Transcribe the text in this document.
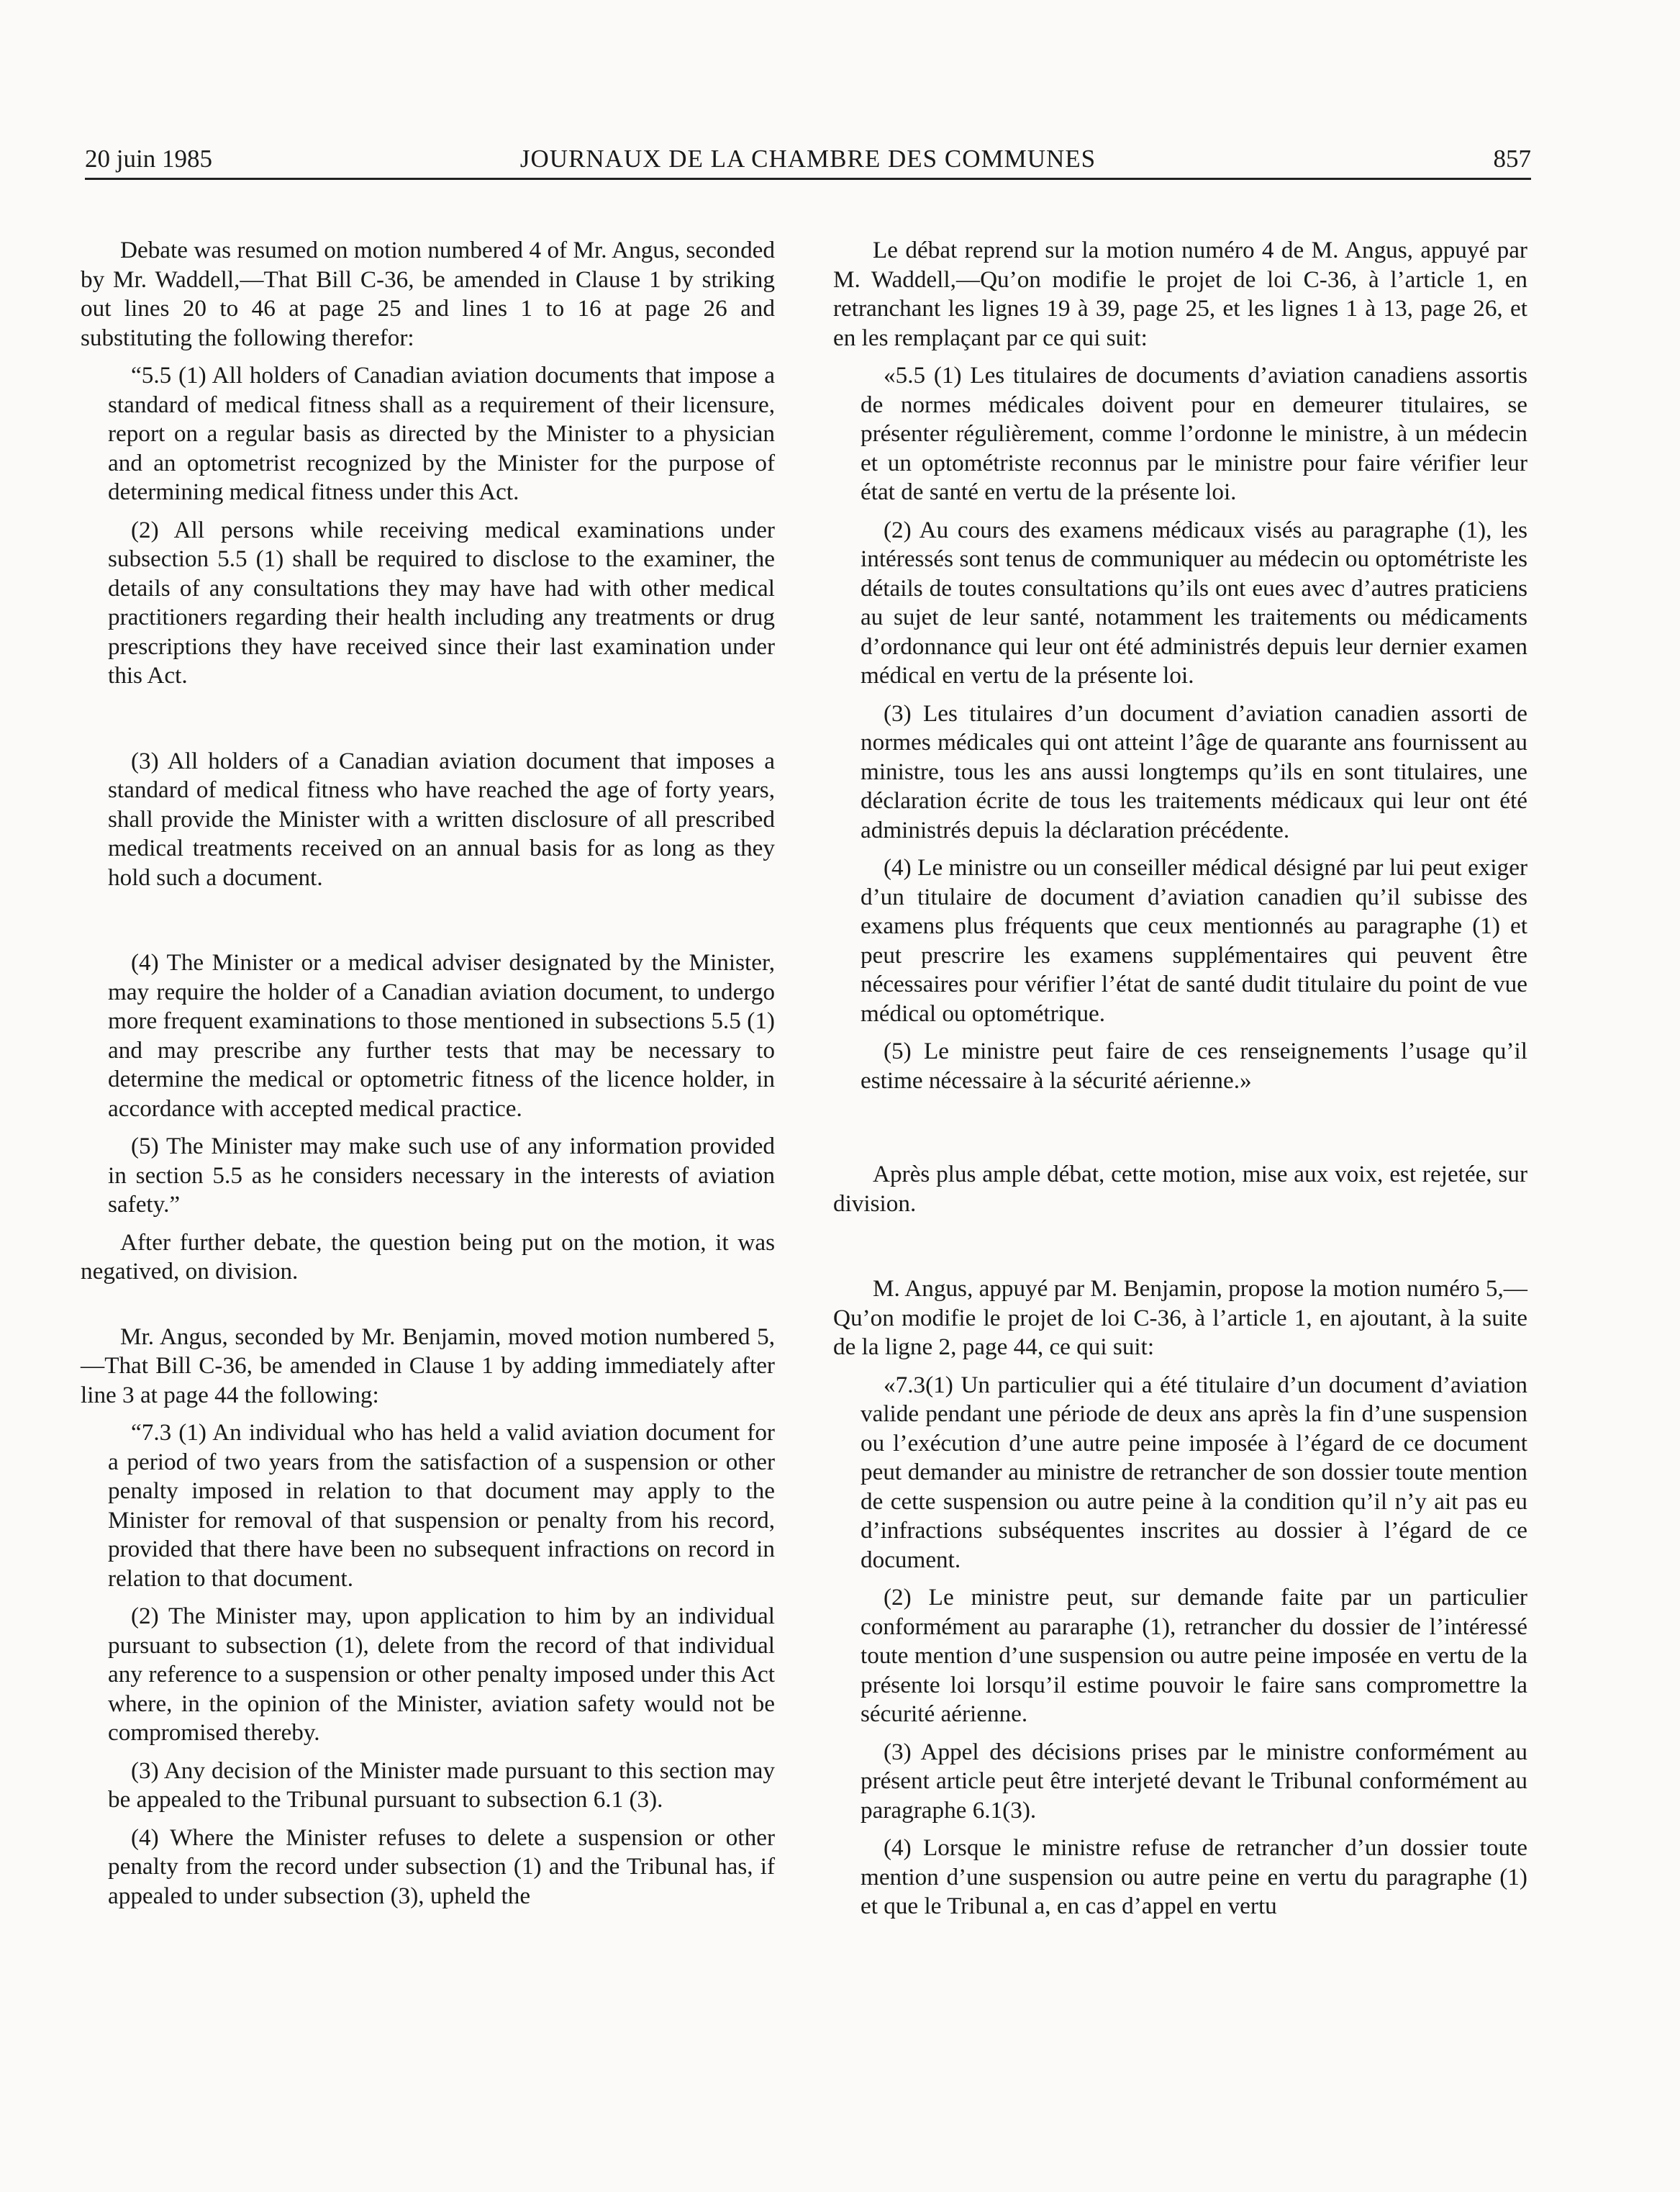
20 juin 1985	JOURNAUX DE LA CHAMBRE DES COMMUNES	857

Debate was resumed on motion numbered 4 of Mr. Angus, seconded by Mr. Waddell,—That Bill C-36, be amended in Clause 1 by striking out lines 20 to 46 at page 25 and lines 1 to 16 at page 26 and substituting the following therefor:

“5.5 (1) All holders of Canadian aviation documents that impose a standard of medical fitness shall as a requirement of their licensure, report on a regular basis as directed by the Minister to a physician and an optometrist recognized by the Minister for the purpose of determining medical fitness under this Act.

(2) All persons while receiving medical examinations under subsection 5.5 (1) shall be required to disclose to the examiner, the details of any consultations they may have had with other medical practitioners regarding their health including any treatments or drug prescriptions they have received since their last examination under this Act.

(3) All holders of a Canadian aviation document that imposes a standard of medical fitness who have reached the age of forty years, shall provide the Minister with a written disclosure of all prescribed medical treatments received on an annual basis for as long as they hold such a document.

(4) The Minister or a medical adviser designated by the Minister, may require the holder of a Canadian aviation document, to undergo more frequent examinations to those mentioned in subsections 5.5 (1) and may prescribe any further tests that may be necessary to determine the medical or optometric fitness of the licence holder, in accordance with accepted medical practice.

(5) The Minister may make such use of any information provided in section 5.5 as he considers necessary in the interests of aviation safety.”

After further debate, the question being put on the motion, it was negatived, on division.

Mr. Angus, seconded by Mr. Benjamin, moved motion numbered 5,—That Bill C-36, be amended in Clause 1 by adding immediately after line 3 at page 44 the following:

“7.3 (1) An individual who has held a valid aviation document for a period of two years from the satisfaction of a suspension or other penalty imposed in relation to that document may apply to the Minister for removal of that suspension or penalty from his record, provided that there have been no subsequent infractions on record in relation to that document.

(2) The Minister may, upon application to him by an individual pursuant to subsection (1), delete from the record of that individual any reference to a suspension or other penalty imposed under this Act where, in the opinion of the Minister, aviation safety would not be compromised thereby.

(3) Any decision of the Minister made pursuant to this section may be appealed to the Tribunal pursuant to subsection 6.1 (3).

(4) Where the Minister refuses to delete a suspension or other penalty from the record under subsection (1) and the Tribunal has, if appealed to under subsection (3), upheld the

Le débat reprend sur la motion numéro 4 de M. Angus, appuyé par M. Waddell,—Qu’on modifie le projet de loi C-36, à l’article 1, en retranchant les lignes 19 à 39, page 25, et les lignes 1 à 13, page 26, et en les remplaçant par ce qui suit:

«5.5 (1) Les titulaires de documents d’aviation canadiens assortis de normes médicales doivent pour en demeurer titulaires, se présenter régulièrement, comme l’ordonne le ministre, à un médecin et un optométriste reconnus par le ministre pour faire vérifier leur état de santé en vertu de la présente loi.

(2) Au cours des examens médicaux visés au paragraphe (1), les intéressés sont tenus de communiquer au médecin ou optométriste les détails de toutes consultations qu’ils ont eues avec d’autres praticiens au sujet de leur santé, notamment les traitements ou médicaments d’ordonnance qui leur ont été administrés depuis leur dernier examen médical en vertu de la présente loi.

(3) Les titulaires d’un document d’aviation canadien assorti de normes médicales qui ont atteint l’âge de quarante ans fournissent au ministre, tous les ans aussi longtemps qu’ils en sont titulaires, une déclaration écrite de tous les traitements médicaux qui leur ont été administrés depuis la déclaration précédente.

(4) Le ministre ou un conseiller médical désigné par lui peut exiger d’un titulaire de document d’aviation canadien qu’il subisse des examens plus fréquents que ceux mentionnés au paragraphe (1) et peut prescrire les examens supplémentaires qui peuvent être nécessaires pour vérifier l’état de santé dudit titulaire du point de vue médical ou optométrique.

(5) Le ministre peut faire de ces renseignements l’usage qu’il estime nécessaire à la sécurité aérienne.»

Après plus ample débat, cette motion, mise aux voix, est rejetée, sur division.

M. Angus, appuyé par M. Benjamin, propose la motion numéro 5,—Qu’on modifie le projet de loi C-36, à l’article 1, en ajoutant, à la suite de la ligne 2, page 44, ce qui suit:

«7.3(1) Un particulier qui a été titulaire d’un document d’aviation valide pendant une période de deux ans après la fin d’une suspension ou l’exécution d’une autre peine imposée à l’égard de ce document peut demander au ministre de retrancher de son dossier toute mention de cette suspension ou autre peine à la condition qu’il n’y ait pas eu d’infractions subséquentes inscrites au dossier à l’égard de ce document.

(2) Le ministre peut, sur demande faite par un particulier conformément au pararaphe (1), retrancher du dossier de l’intéressé toute mention d’une suspension ou autre peine imposée en vertu de la présente loi lorsqu’il estime pouvoir le faire sans compromettre la sécurité aérienne.

(3) Appel des décisions prises par le ministre conformément au présent article peut être interjeté devant le Tribunal conformément au paragraphe 6.1(3).

(4) Lorsque le ministre refuse de retrancher d’un dossier toute mention d’une suspension ou autre peine en vertu du paragraphe (1) et que le Tribunal a, en cas d’appel en vertu
